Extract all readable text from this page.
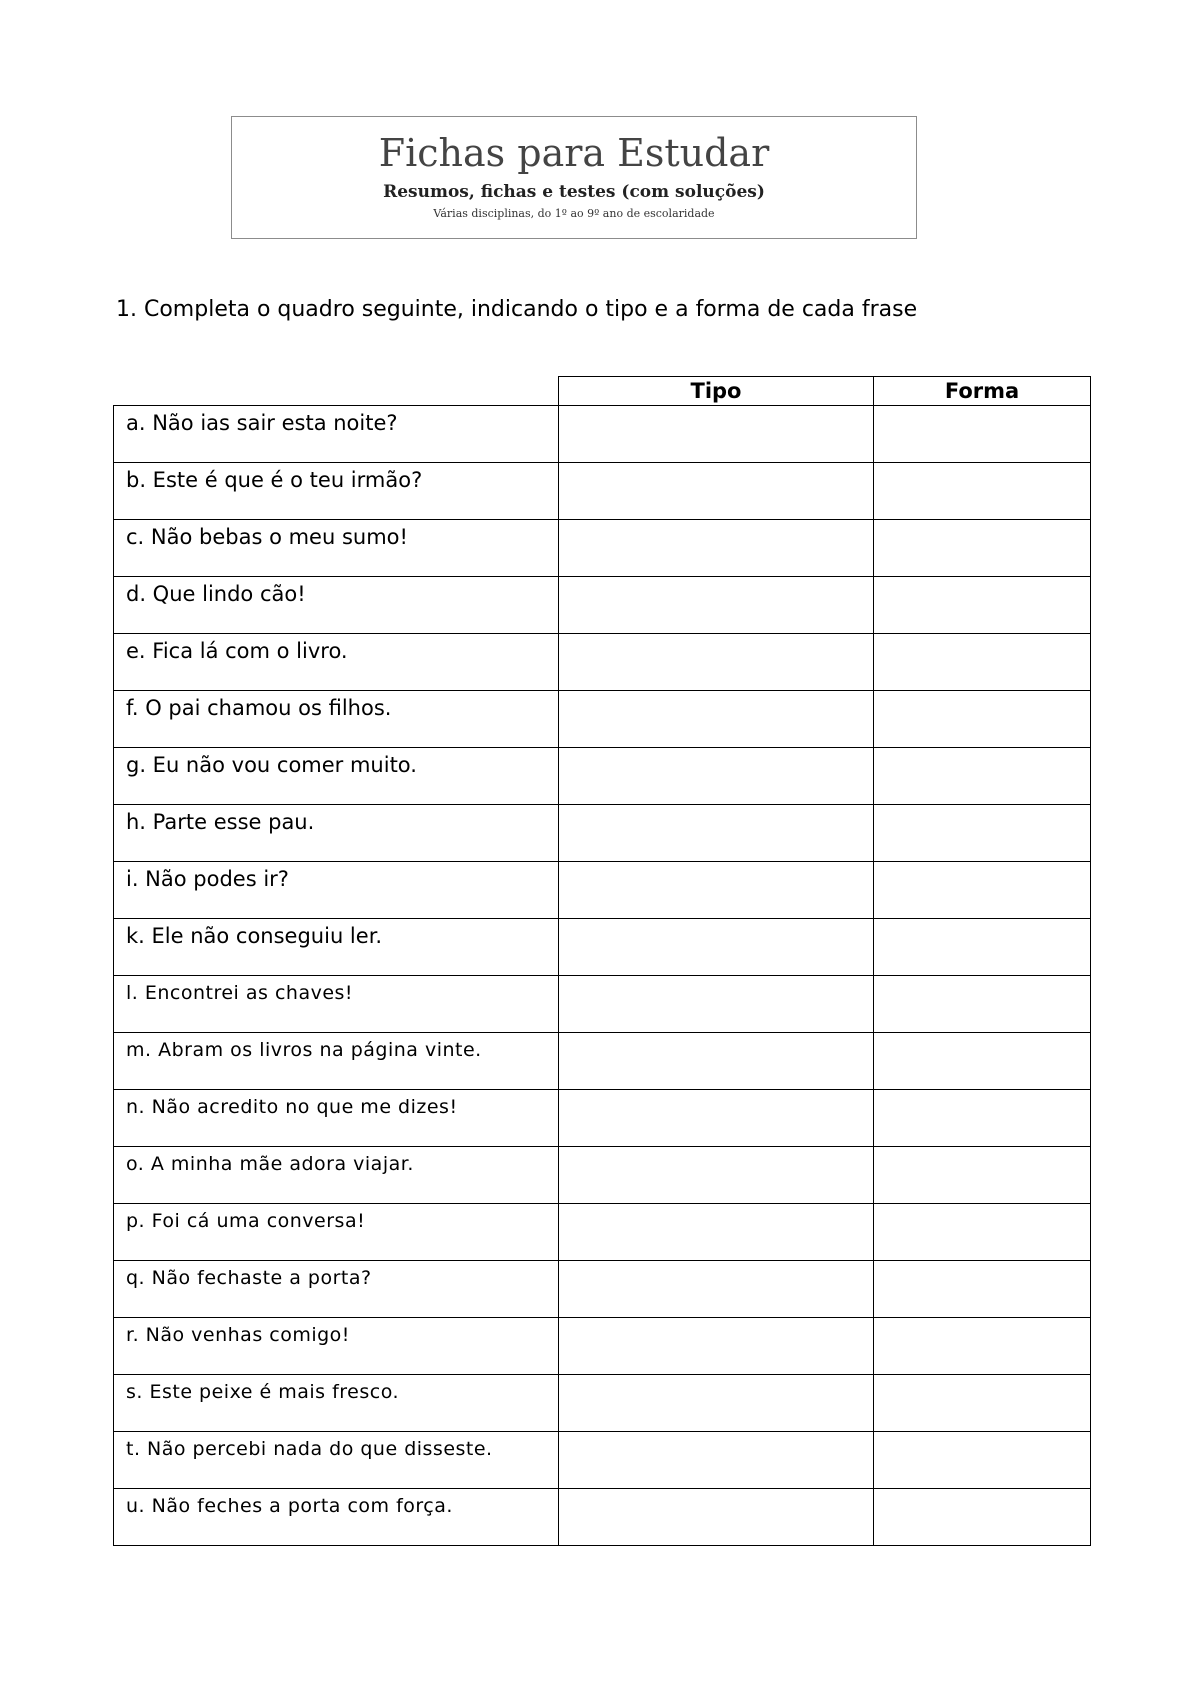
Fichas para Estudar
Resumos, fichas e testes (com soluções)
Várias disciplinas, do 1º ao 9º ano de escolaridade
1. Completa o quadro seguinte, indicando o tipo e a forma de cada frase
	Tipo	Forma
a. Não ias sair esta noite?		
b. Este é que é o teu irmão?		
c. Não bebas o meu sumo!		
d. Que lindo cão!		
e. Fica lá com o livro.		
f. O pai chamou os filhos.		
g. Eu não vou comer muito.		
h. Parte esse pau.		
i. Não podes ir?		
k. Ele não conseguiu ler.		
l. Encontrei as chaves!		
m. Abram os livros na página vinte.		
n. Não acredito no que me dizes!		
o. A minha mãe adora viajar.		
p. Foi cá uma conversa!		
q. Não fechaste a porta?		
r. Não venhas comigo!		
s. Este peixe é mais fresco.		
t. Não percebi nada do que disseste.		
u. Não feches a porta com força.		
